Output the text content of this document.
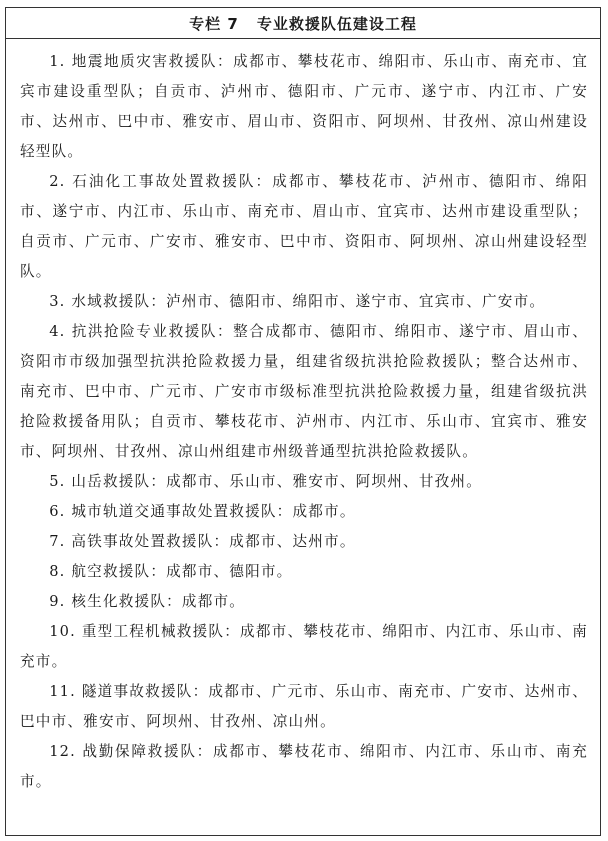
专栏 7 专业救援队伍建设工程

1. 地震地质灾害救援队：成都市、攀枝花市、绵阳市、乐山市、南充市、宜宾市建设重型队；自贡市、泸州市、德阳市、广元市、遂宁市、内江市、广安市、达州市、巴中市、雅安市、眉山市、资阳市、阿坝州、甘孜州、凉山州建设轻型队。

2. 石油化工事故处置救援队：成都市、攀枝花市、泸州市、德阳市、绵阳市、遂宁市、内江市、乐山市、南充市、眉山市、宜宾市、达州市建设重型队；自贡市、广元市、广安市、雅安市、巴中市、资阳市、阿坝州、凉山州建设轻型队。

3. 水域救援队：泸州市、德阳市、绵阳市、遂宁市、宜宾市、广安市。

4. 抗洪抢险专业救援队：整合成都市、德阳市、绵阳市、遂宁市、眉山市、资阳市市级加强型抗洪抢险救援力量，组建省级抗洪抢险救援队；整合达州市、南充市、巴中市、广元市、广安市市级标准型抗洪抢险救援力量，组建省级抗洪抢险救援备用队；自贡市、攀枝花市、泸州市、内江市、乐山市、宜宾市、雅安市、阿坝州、甘孜州、凉山州组建市州级普通型抗洪抢险救援队。

5. 山岳救援队：成都市、乐山市、雅安市、阿坝州、甘孜州。

6. 城市轨道交通事故处置救援队：成都市。

7. 高铁事故处置救援队：成都市、达州市。

8. 航空救援队：成都市、德阳市。

9. 核生化救援队：成都市。

10. 重型工程机械救援队：成都市、攀枝花市、绵阳市、内江市、乐山市、南充市。

11. 隧道事故救援队：成都市、广元市、乐山市、南充市、广安市、达州市、巴中市、雅安市、阿坝州、甘孜州、凉山州。

12. 战勤保障救援队：成都市、攀枝花市、绵阳市、内江市、乐山市、南充市。
